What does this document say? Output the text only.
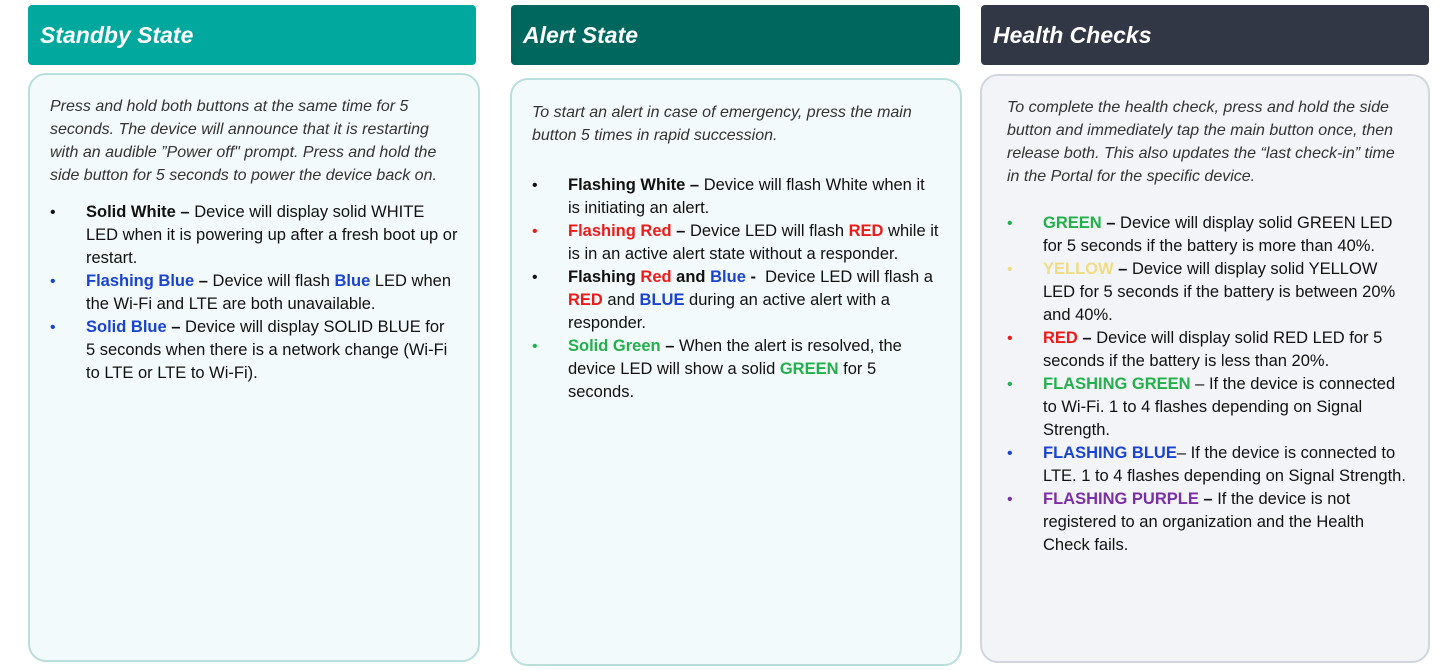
Standby State

Press and hold both buttons at the same time for 5 seconds. The device will announce that it is restarting with an audible ”Power off" prompt. Press and hold the side button for 5 seconds to power the device back on.

•	Solid White – Device will display solid WHITE LED when it is powering up after a fresh boot up or restart.
•	Flashing Blue – Device will flash Blue LED when the Wi-Fi and LTE are both unavailable.
•	Solid Blue – Device will display SOLID BLUE for 5 seconds when there is a network change (Wi-Fi to LTE or LTE to Wi-Fi).
Alert State

To start an alert in case of emergency, press the main button 5 times in rapid succession.

•	Flashing White – Device will flash White when it is initiating an alert.
•	Flashing Red – Device LED will flash RED while it is in an active alert state without a responder.
•	Flashing Red and Blue -  Device LED will flash a RED and BLUE during an active alert with a responder.
•	Solid Green – When the alert is resolved, the device LED will show a solid GREEN for 5 seconds.
Health Checks

To complete the health check, press and hold the side button and immediately tap the main button once, then release both. This also updates the “last check-in” time in the Portal for the specific device.

•	GREEN – Device will display solid GREEN LED for 5 seconds if the battery is more than 40%.
•	YELLOW – Device will display solid YELLOW LED for 5 seconds if the battery is between 20% and 40%.
•	RED – Device will display solid RED LED for 5 seconds if the battery is less than 20%.
•	FLASHING GREEN – If the device is connected to Wi-Fi. 1 to 4 flashes depending on Signal Strength.
•	FLASHING BLUE– If the device is connected to LTE. 1 to 4 flashes depending on Signal Strength.
•	FLASHING PURPLE – If the device is not registered to an organization and the Health Check fails.
